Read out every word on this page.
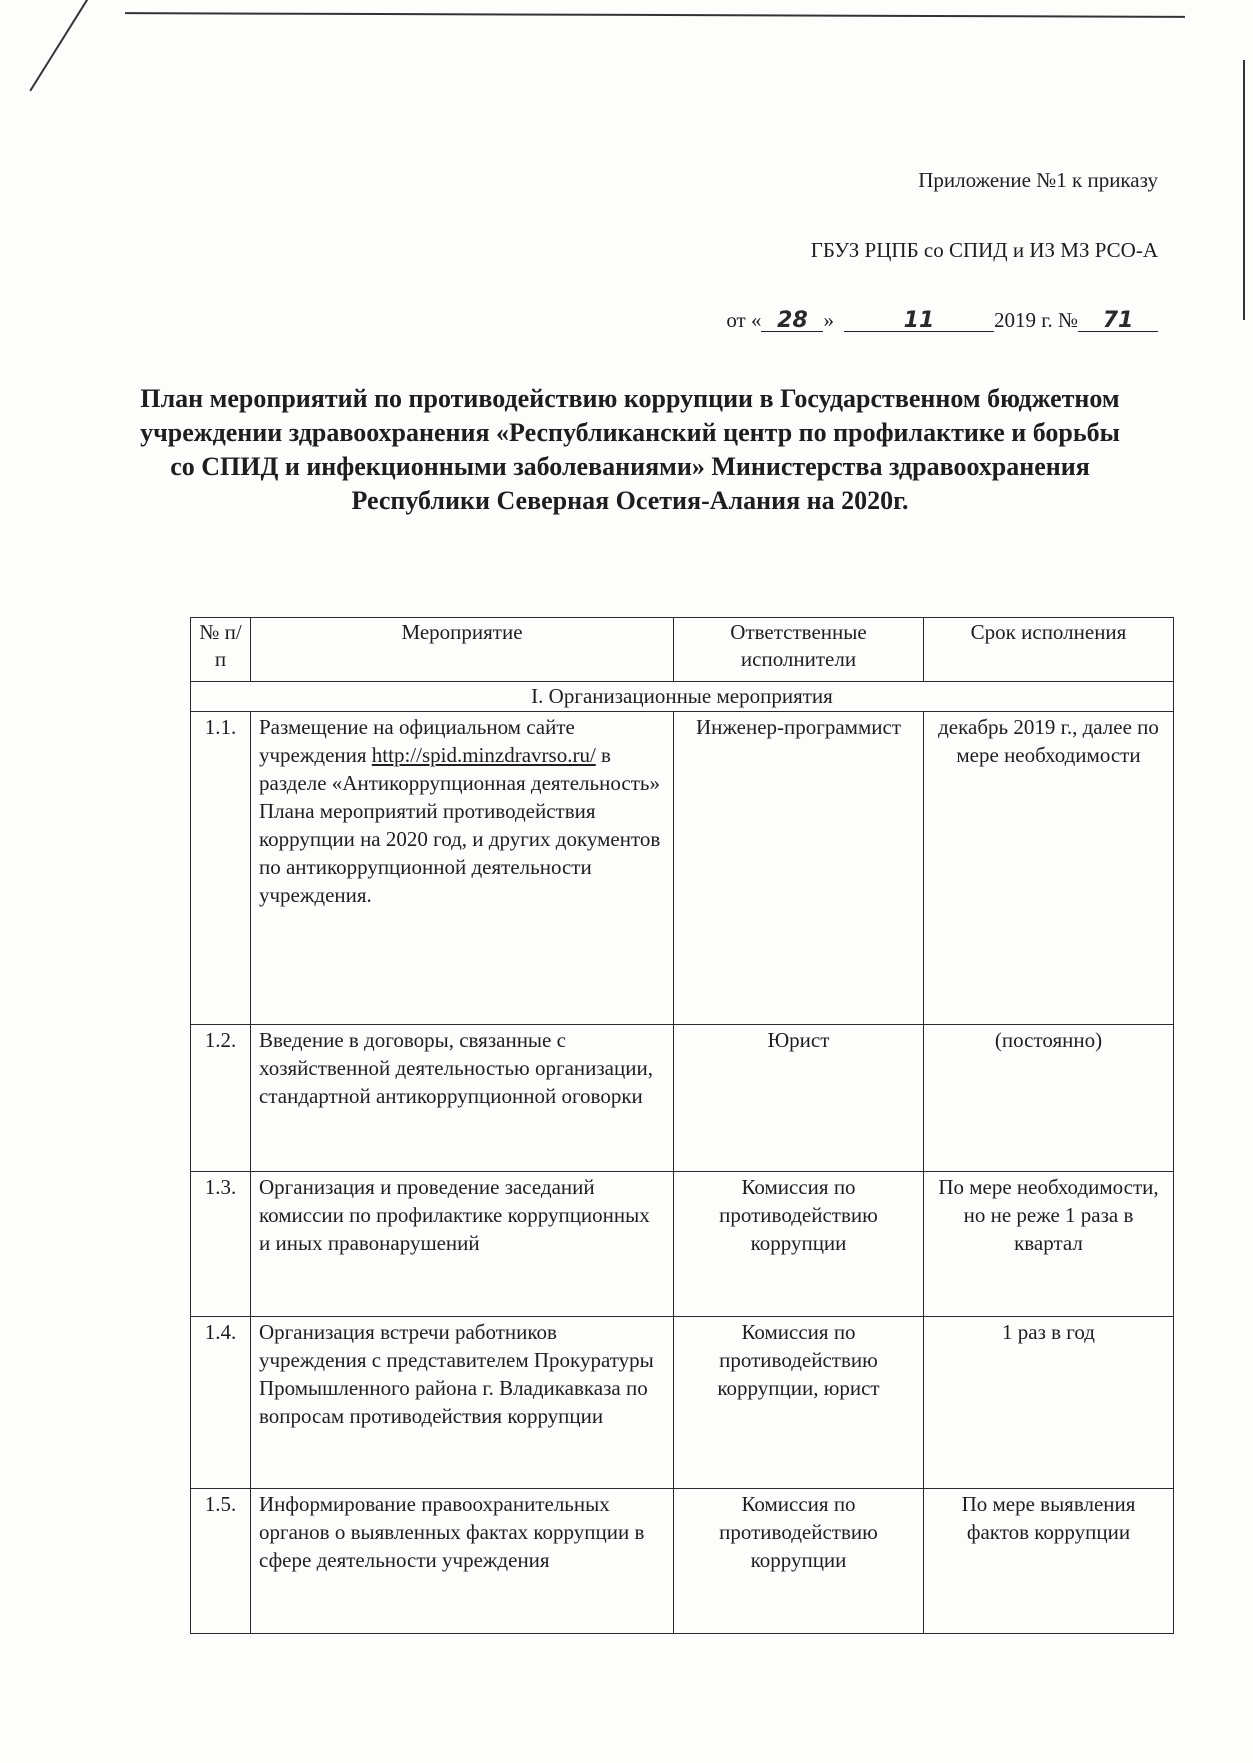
Приложение №1 к приказу
ГБУЗ РЦПБ со СПИД и ИЗ МЗ РСО-А
от « 28 »	11	2019 г. № 71
План мероприятий по противодействию коррупции в Государственном бюджетном учреждении здравоохранения «Республиканский центр по профилактике и борьбы со СПИД и инфекционными заболеваниями» Министерства здравоохранения Республики Северная Осетия-Алания на 2020г.
№ п/п	Мероприятие	Ответственные исполнители	Срок исполнения
I. Организационные мероприятия			
1.1.	Размещение на официальном сайте учреждения http://spid.minzdravrso.ru/ в разделе «Антикоррупционная деятельность» Плана мероприятий противодействия коррупции на 2020 год, и других документов по антикоррупционной деятельности учреждения.	Инженер-программист	декабрь 2019 г., далее по мере необходимости
1.2.	Введение в договоры, связанные с хозяйственной деятельностью организации, стандартной антикоррупционной оговорки	Юрист	(постоянно)
1.3.	Организация и проведение заседаний комиссии по профилактике коррупционных и иных правонарушений	Комиссия по противодействию коррупции	По мере необходимости, но не реже 1 раза в квартал
1.4.	Организация встречи работников учреждения с представителем Прокуратуры Промышленного района г. Владикавказа по вопросам противодействия коррупции	Комиссия по противодействию коррупции, юрист	1 раз в год
1.5.	Информирование правоохранительных органов о выявленных фактах коррупции в сфере деятельности учреждения	Комиссия по противодействию коррупции	По мере выявления фактов коррупции
